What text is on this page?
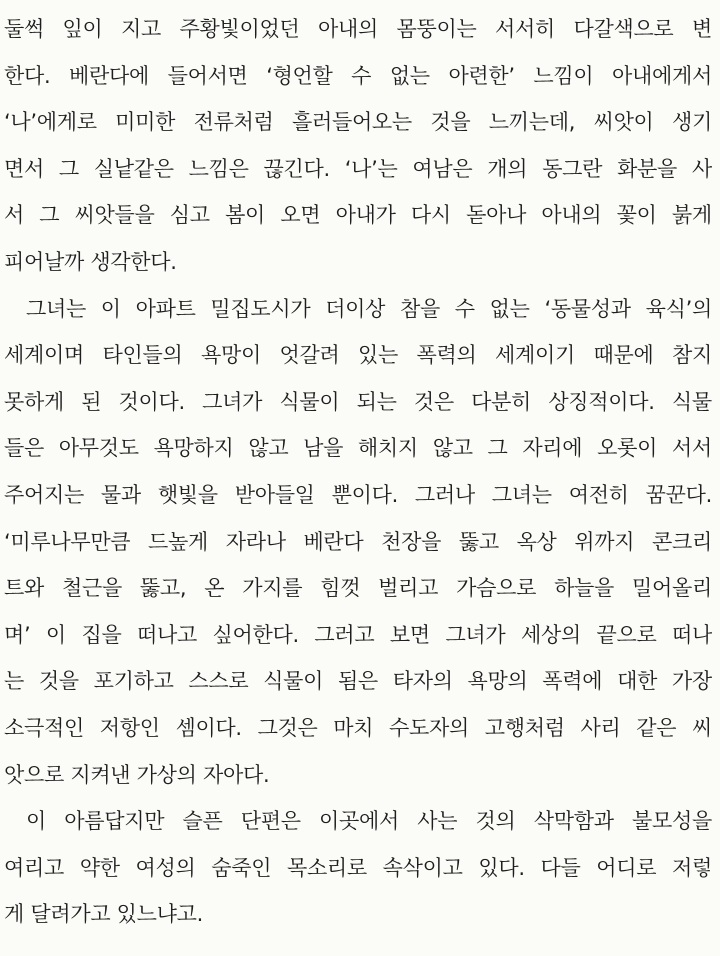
둘썩 잎이 지고 주황빛이었던 아내의 몸뚱이는 서서히 다갈색으로 변
한다. 베란다에 들어서면 ‘형언할 수 없는 아련한’ 느낌이 아내에게서
‘나’에게로 미미한 전류처럼 흘러들어오는 것을 느끼는데, 씨앗이 생기
면서 그 실낱같은 느낌은 끊긴다. ‘나’는 여남은 개의 동그란 화분을 사
서 그 씨앗들을 심고 봄이 오면 아내가 다시 돋아나 아내의 꽃이 붉게
피어날까 생각한다.
그녀는 이 아파트 밀집도시가 더이상 참을 수 없는 ‘동물성과 육식’의
세계이며 타인들의 욕망이 엇갈려 있는 폭력의 세계이기 때문에 참지
못하게 된 것이다. 그녀가 식물이 되는 것은 다분히 상징적이다. 식물
들은 아무것도 욕망하지 않고 남을 해치지 않고 그 자리에 오롯이 서서
주어지는 물과 햇빛을 받아들일 뿐이다. 그러나 그녀는 여전히 꿈꾼다.
‘미루나무만큼 드높게 자라나 베란다 천장을 뚫고 옥상 위까지 콘크리
트와 철근을 뚫고, 온 가지를 힘껏 벌리고 가슴으로 하늘을 밀어올리
며’ 이 집을 떠나고 싶어한다. 그러고 보면 그녀가 세상의 끝으로 떠나
는 것을 포기하고 스스로 식물이 됨은 타자의 욕망의 폭력에 대한 가장
소극적인 저항인 셈이다. 그것은 마치 수도자의 고행처럼 사리 같은 씨
앗으로 지켜낸 가상의 자아다.
이 아름답지만 슬픈 단편은 이곳에서 사는 것의 삭막함과 불모성을
여리고 약한 여성의 숨죽인 목소리로 속삭이고 있다. 다들 어디로 저렇
게 달려가고 있느냐고.
